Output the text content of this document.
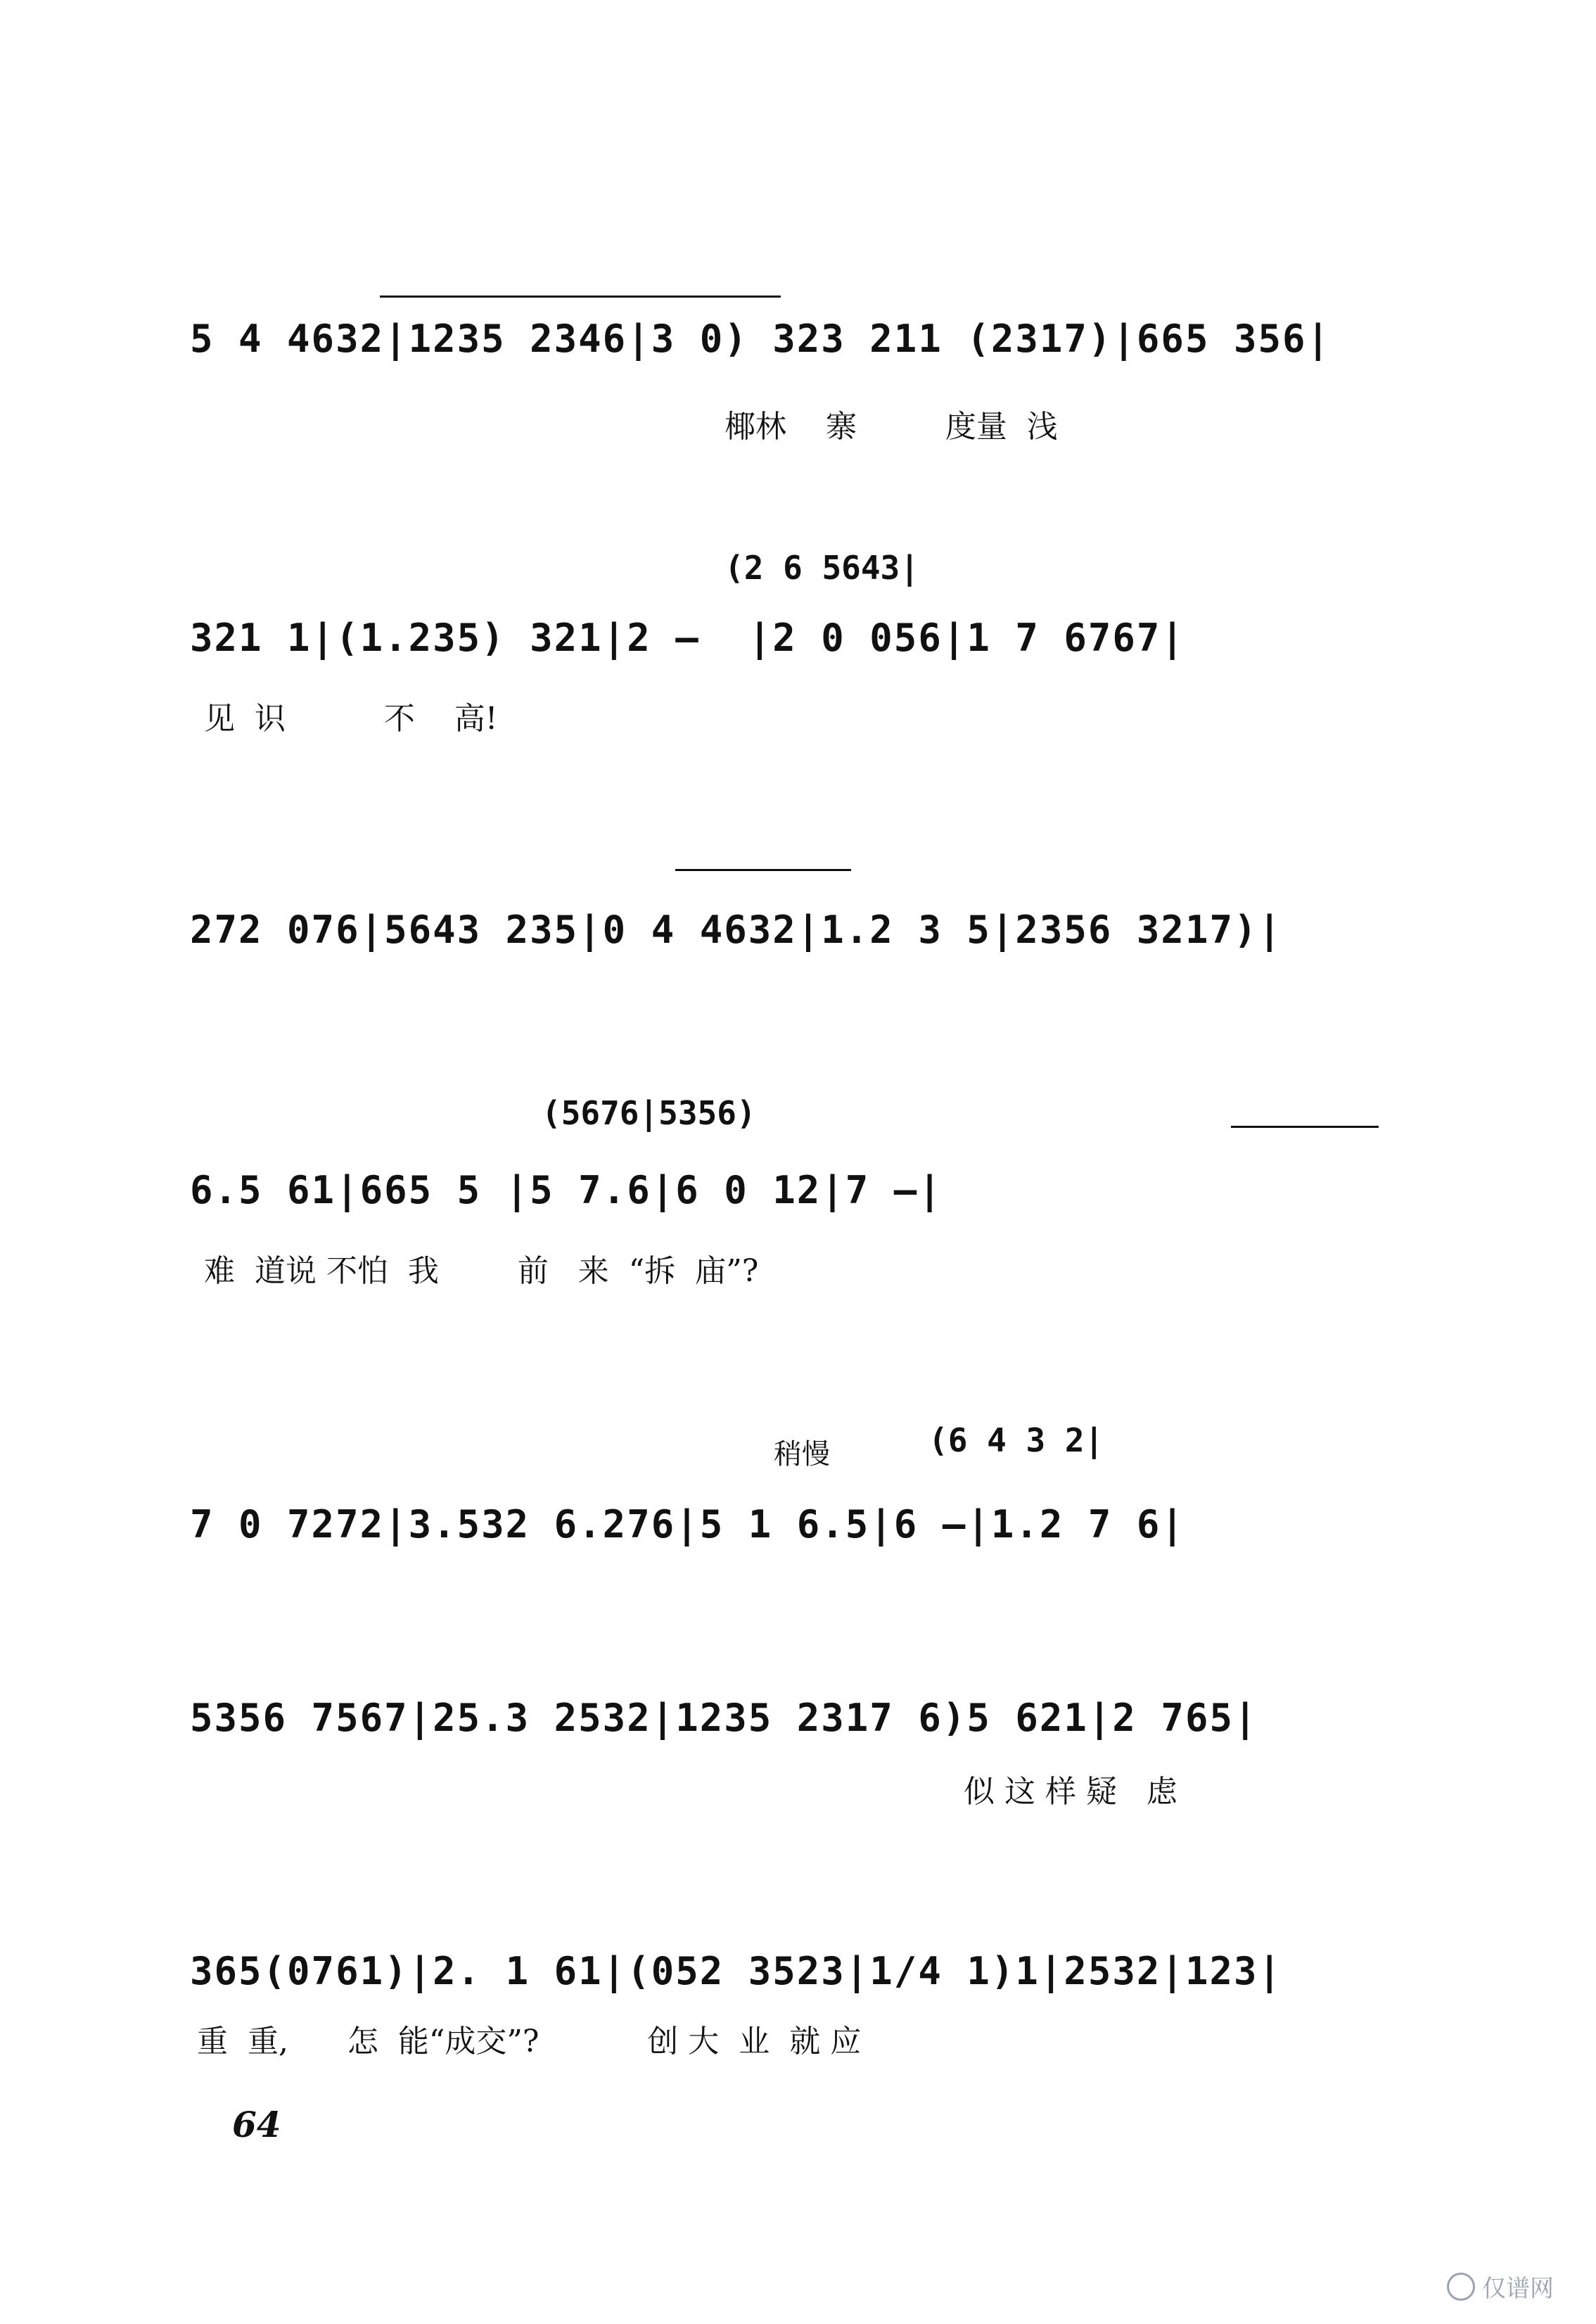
5 4 4632|1235 2346|3 0) 323 211 (2317)|665 356|
椰林    寨         度量  浅
(2 6 5643|
321 1|(1.235) 321|2 —  |2 0 056|1 7 6767|
见  识          不    高!
272 076|5643 235|0 4 4632|1.2 3 5|2356 3217)|
(5676|5356)
6.5 61|665 5 |5 7.6|6 0 12|7 —|
难  道说 不怕  我        前   来  “拆  庙”?
稍慢	(6 4 3 2|
7 0 7272|3.532 6.276|5 1 6.5|6 —|1.2 7 6|
5356 7567|25.3 2532|1235 2317 6)5 621|2 765|
似 这 样 疑   虑
365(0761)|2. 1 61|(052 3523|1/4 1)1|2532|123|
重  重,      怎  能“成交”?           创 大  业  就 应
64
仅谱网
